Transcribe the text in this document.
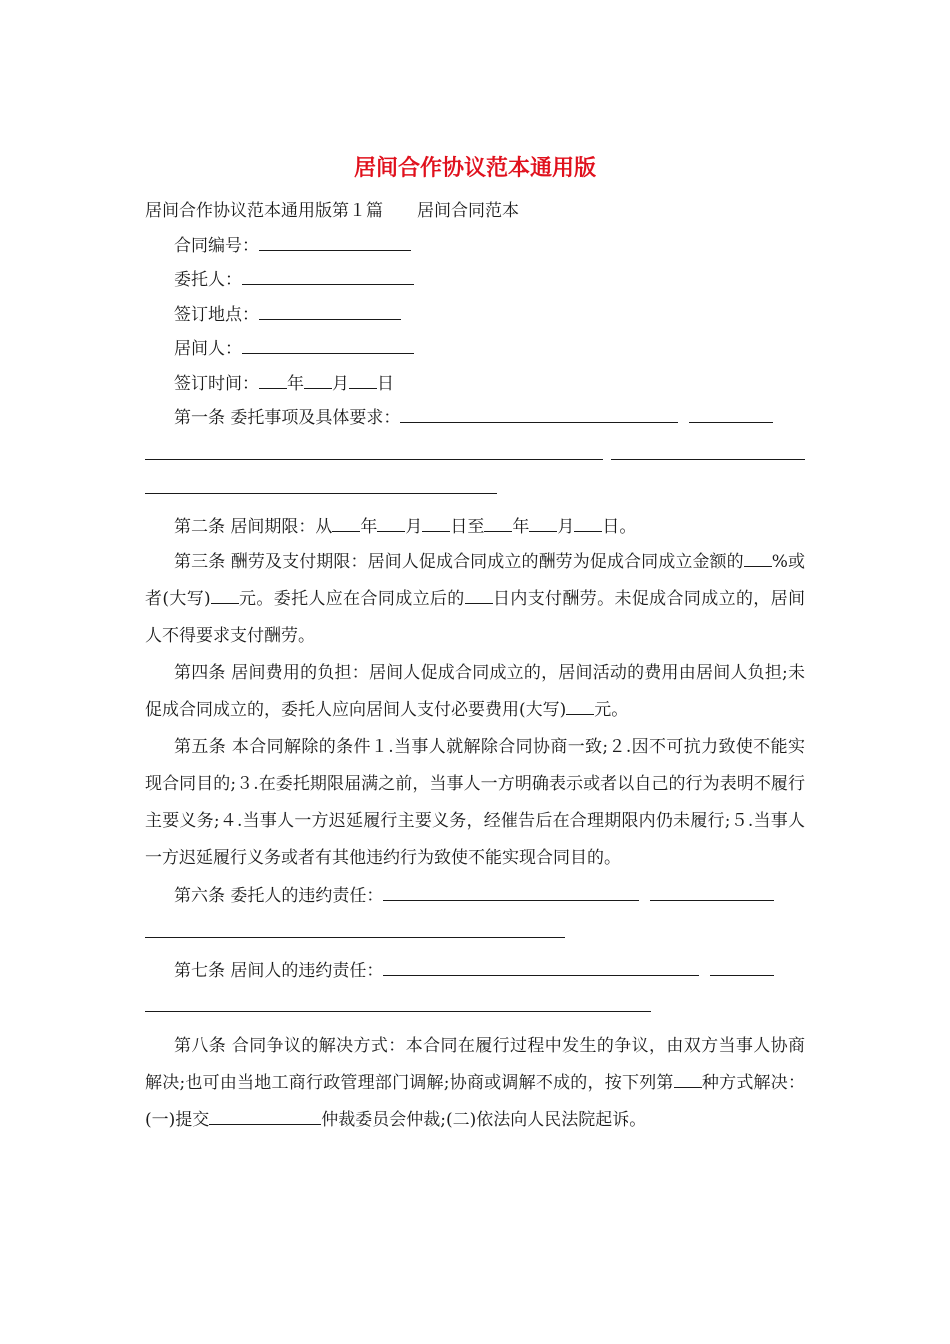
居间合作协议范本通用版
居间合作协议范本通用版第１篇　　居间合同范本
合同编号：
委托人：
签订地点：
居间人：
签订时间： 年 月 日
第一条 委托事项及具体要求：
第二条 居间期限：从 年 月 日至 年 月 日。
第三条 酬劳及支付期限：居间人促成合同成立的酬劳为促成合同成立金额的 %或者(大写) 元。委托人应在合同成立后的 日内支付酬劳。未促成合同成立的，居间人不得要求支付酬劳。
第四条 居间费用的负担：居间人促成合同成立的，居间活动的费用由居间人负担;未促成合同成立的，委托人应向居间人支付必要费用(大写) 元。
第五条 本合同解除的条件１.当事人就解除合同协商一致;２.因不可抗力致使不能实现合同目的;３.在委托期限届满之前，当事人一方明确表示或者以自己的行为表明不履行主要义务;４.当事人一方迟延履行主要义务，经催告后在合理期限内仍未履行;５.当事人一方迟延履行义务或者有其他违约行为致使不能实现合同目的。
第六条 委托人的违约责任：
第七条 居间人的违约责任：
第八条 合同争议的解决方式：本合同在履行过程中发生的争议，由双方当事人协商解决;也可由当地工商行政管理部门调解;协商或调解不成的，按下列第 种方式解决：(一)提交	仲裁委员会仲裁;(二)依法向人民法院起诉。
